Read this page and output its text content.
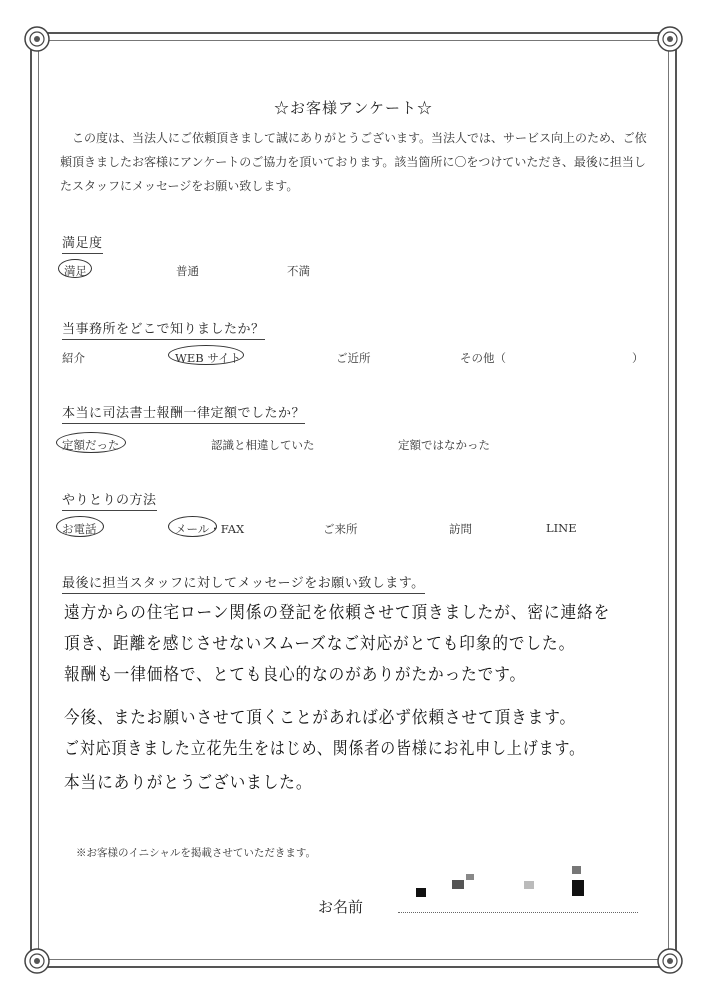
☆お客様アンケート☆
この度は、当法人にご依頼頂きまして誠にありがとうございます。当法人では、サービス向上のため、ご依頼頂きましたお客様にアンケートのご協力を頂いております。該当箇所に〇をつけていただき、最後に担当したスタッフにメッセージをお願い致します。
満足度
満足	普通	不満
当事務所をどこで知りましたか？
紹介	WEB サイト	ご近所	その他（	）
本当に司法書士報酬一律定額でしたか？
定額だった	認識と相違していた	定額ではなかった
やりとりの方法
お電話	メール・FAX	ご来所	訪問	LINE
最後に担当スタッフに対してメッセージをお願い致します。
遠方からの住宅ローン関係の登記を依頼させて頂きましたが、密に連絡を
頂き、距離を感じさせないスムーズなご対応がとても印象的でした。
報酬も一律価格で、とても良心的なのがありがたかったです。
今後、またお願いさせて頂くことがあれば必ず依頼させて頂きます。
ご対応頂きました立花先生をはじめ、関係者の皆様にお礼申し上げます。
本当にありがとうございました。
※お客様のイニシャルを掲載させていただきます。
お名前
